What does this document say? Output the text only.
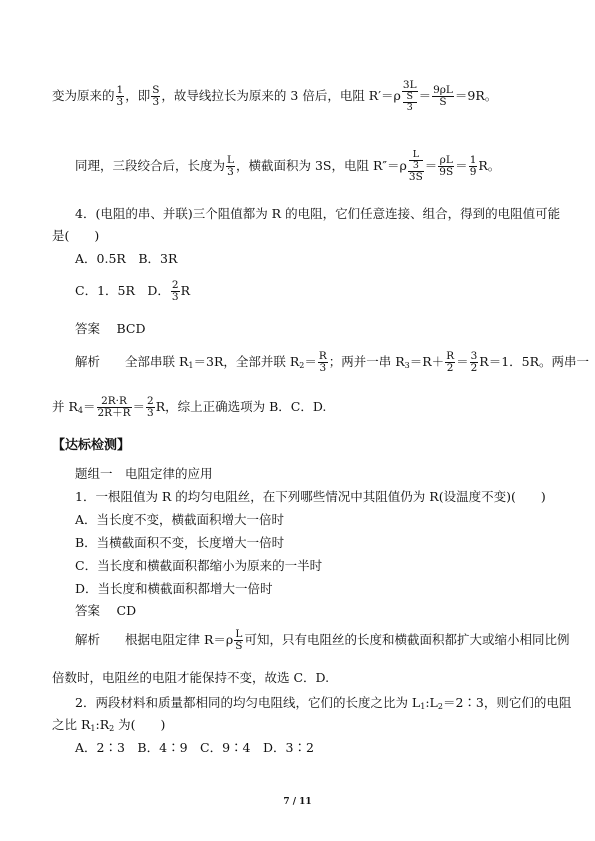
变为原来的 $\frac{1}{3}$ ，即 $\frac{S}{3}$ ，故导线拉长为原来的 3 倍后，电阻 R′＝ρ 3L
S
$3 = \frac{9\rho L}{S} =9R$。
同理，三段绞合后，长度为 $\frac{L}{3}$ ，横截面积为 3S，电阻 R″＝ρ L
3
$3S = \frac{\rho L}{9S} = \frac{1}{9}$ R。
4．(电阻的串、并联)三个阻值都为 R 的电阻，它们任意连接、组合，得到的电阻值可能
是(　　)
A．0.5R　B．3R
C．1．5R　D． $\frac{2}{3}$ R
答案　 BCD
解析　　 全部串联 $R_1=3R$，全部并联 $R_2= \frac{R}{3}$ ；两并一串 $R_3=R+ \frac{R}{2} = \frac{3}{2} R=1$．5R。两串一
并 $R_4= \frac{2R\cdot R}{2R+R} = \frac{2}{3}$ R，综上正确选项为 B．C．D.
【达标检测】
题组一　电阻定律的应用
1．一根阻值为 R 的均匀电阻丝，在下列哪些情况中其阻值仍为 R(设温度不变)(　　)
A．当长度不变，横截面积增大一倍时
B．当横截面积不变，长度增大一倍时
C．当长度和横截面积都缩小为原来的一半时
D．当长度和横截面积都增大一倍时
答案　 CD
解析　　 根据电阻定律 $R=\rho \frac{L}{S}$ 可知，只有电阻丝的长度和横截面积都扩大或缩小相同比例
倍数时，电阻丝的电阻才能保持不变，故选 C．D.
2．两段材料和质量都相同的均匀电阻线，它们的长度之比为 $L_1:L_2=2∶3$，则它们的电阻
之比 $R_1:R_2$ 为(　　)
A．2∶3　B．4∶9　C．9∶4　D．3∶2
7 / 11
